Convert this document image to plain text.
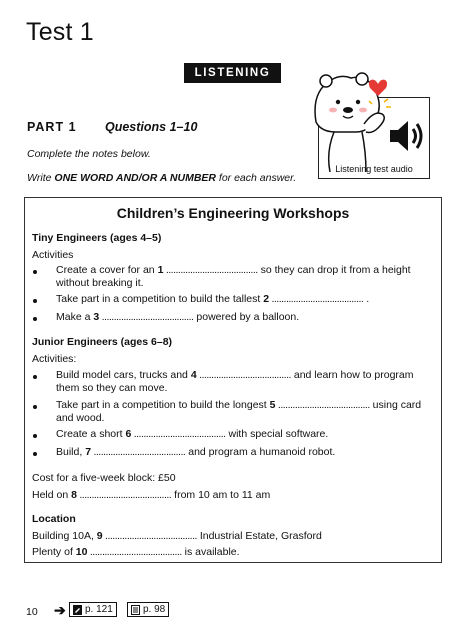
Test 1
LISTENING
Listening test audio
PART 1 Questions 1–10
Complete the notes below.
Write ONE WORD AND/OR A NUMBER for each answer.
Children’s Engineering Workshops
Tiny Engineers (ages 4–5)
Activities
Create a cover for an 1 ...................................... so they can drop it from a height
without breaking it.
Take part in a competition to build the tallest 2 ...................................... .
Make a 3 ...................................... powered by a balloon.
Junior Engineers (ages 6–8)
Activities:
Build model cars, trucks and 4 ...................................... and learn how to program
them so they can move.
Take part in a competition to build the longest 5 ...................................... using card
and wood.
Create a short 6 ...................................... with special software.
Build, 7 ...................................... and program a humanoid robot.
Cost for a five-week block: £50
Held on 8 ...................................... from 10 am to 11 am
Location
Building 10A, 9 ...................................... Industrial Estate, Grasford
Plenty of 10 ...................................... is available.
10 ➔ p. 121	p. 98
